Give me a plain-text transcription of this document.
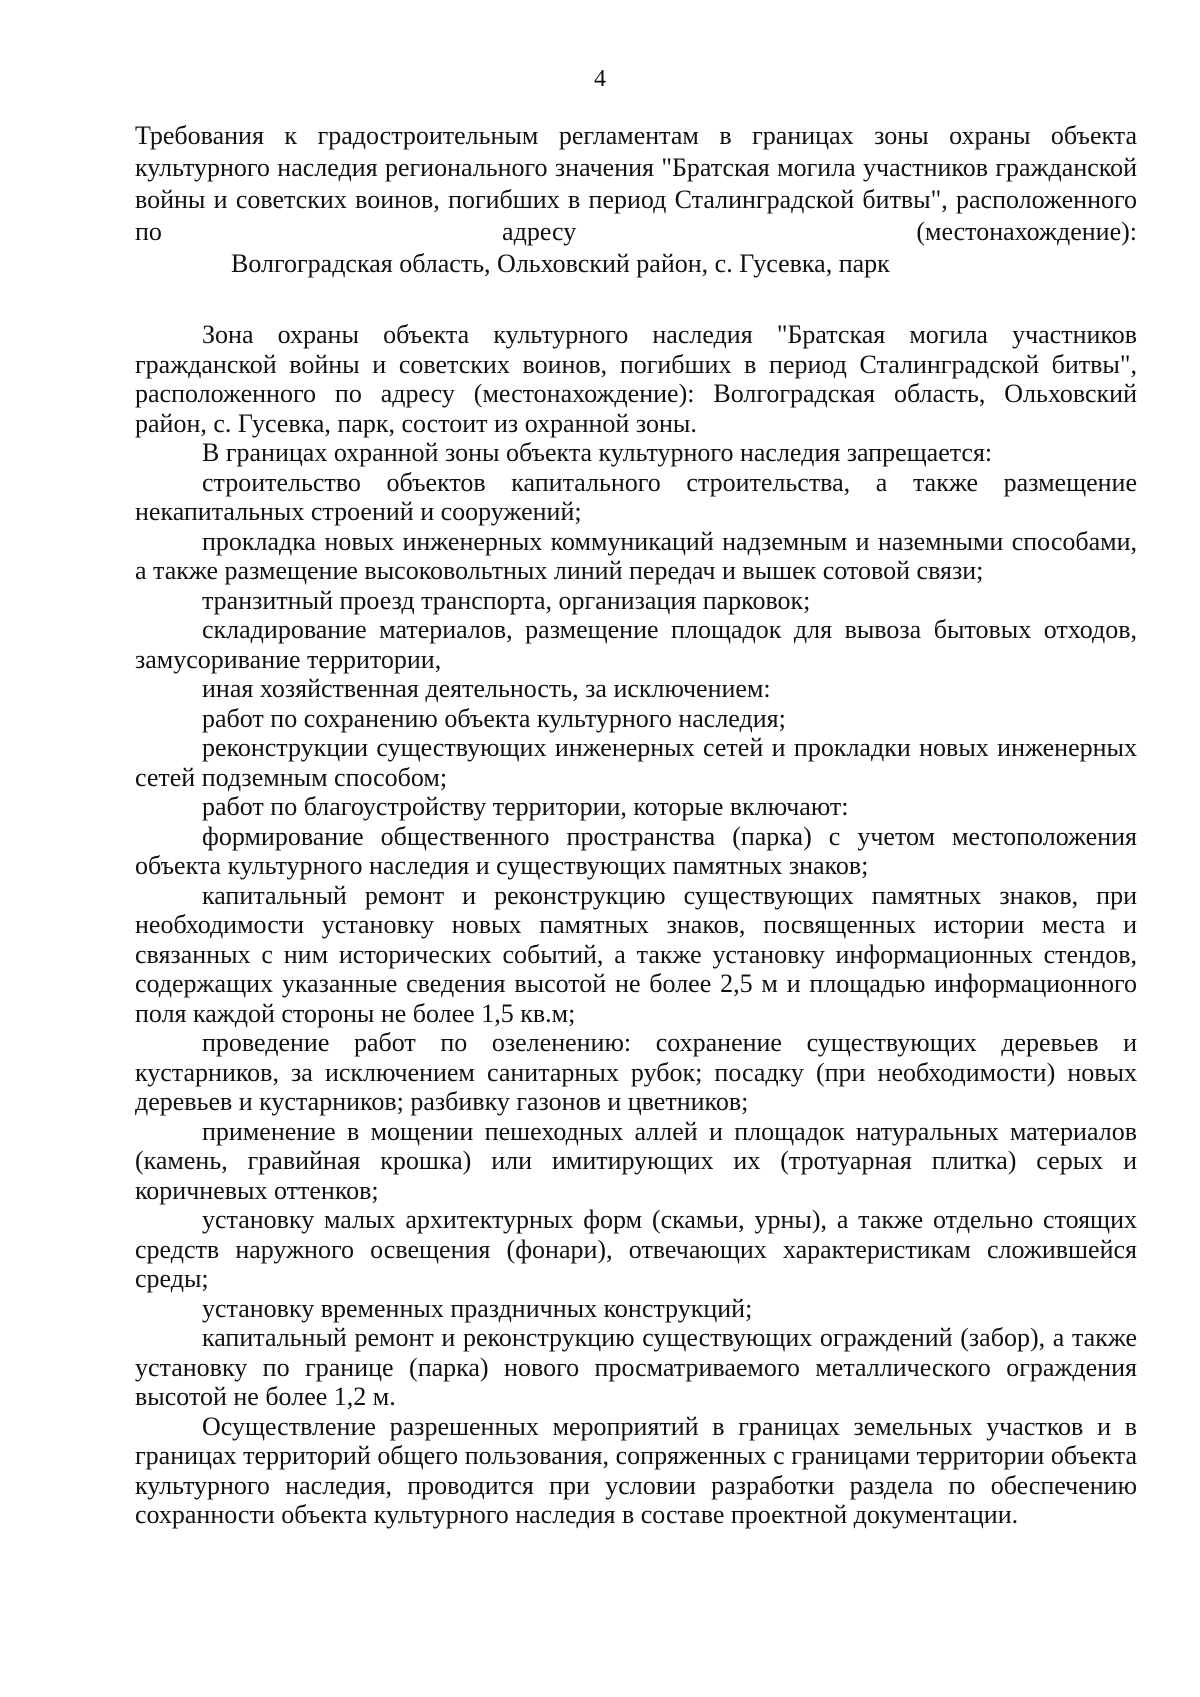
4
Требования к градостроительным регламентам в границах зоны охраны объекта культурного наследия регионального значения "Братская могила участников гражданской войны и советских воинов, погибших в период Сталинградской битвы", расположенного по адресу (местонахождение):
Волгоградская область, Ольховский район, с. Гусевка, парк

Зона охраны объекта культурного наследия "Братская могила участников гражданской войны и советских воинов, погибших в период Сталинградской битвы", расположенного по адресу (местонахождение): Волгоградская область, Ольховский район, с. Гусевка, парк, состоит из охранной зоны.

В границах охранной зоны объекта культурного наследия запрещается:

строительство объектов капитального строительства, а также размещение некапитальных строений и сооружений;

прокладка новых инженерных коммуникаций надземным и наземными способами, а также размещение высоковольтных линий передач и вышек сотовой связи;

транзитный проезд транспорта, организация парковок;

складирование материалов, размещение площадок для вывоза бытовых отходов, замусоривание территории,

иная хозяйственная деятельность, за исключением:

работ по сохранению объекта культурного наследия;

реконструкции существующих инженерных сетей и прокладки новых инженерных сетей подземным способом;

работ по благоустройству территории, которые включают:

формирование общественного пространства (парка) с учетом местоположения объекта культурного наследия и существующих памятных знаков;

капитальный ремонт и реконструкцию существующих памятных знаков, при необходимости установку новых памятных знаков, посвященных истории места и связанных с ним исторических событий, а также установку информационных стендов, содержащих указанные сведения высотой не более 2,5 м и площадью информационного поля каждой стороны не более 1,5 кв.м;

проведение работ по озеленению: сохранение существующих деревьев и кустарников, за исключением санитарных рубок; посадку (при необходимости) новых деревьев и кустарников; разбивку газонов и цветников;

применение в мощении пешеходных аллей и площадок натуральных материалов (камень, гравийная крошка) или имитирующих их (тротуарная плитка) серых и коричневых оттенков;

установку малых архитектурных форм (скамьи, урны), а также отдельно стоящих средств наружного освещения (фонари), отвечающих характеристикам сложившейся среды;

установку временных праздничных конструкций;

капитальный ремонт и реконструкцию существующих ограждений (забор), а также установку по границе (парка) нового просматриваемого металлического ограждения высотой не более 1,2 м.

Осуществление разрешенных мероприятий в границах земельных участков и в границах территорий общего пользования, сопряженных с границами территории объекта культурного наследия, проводится при условии разработки раздела по обеспечению сохранности объекта культурного наследия в составе проектной документации.
